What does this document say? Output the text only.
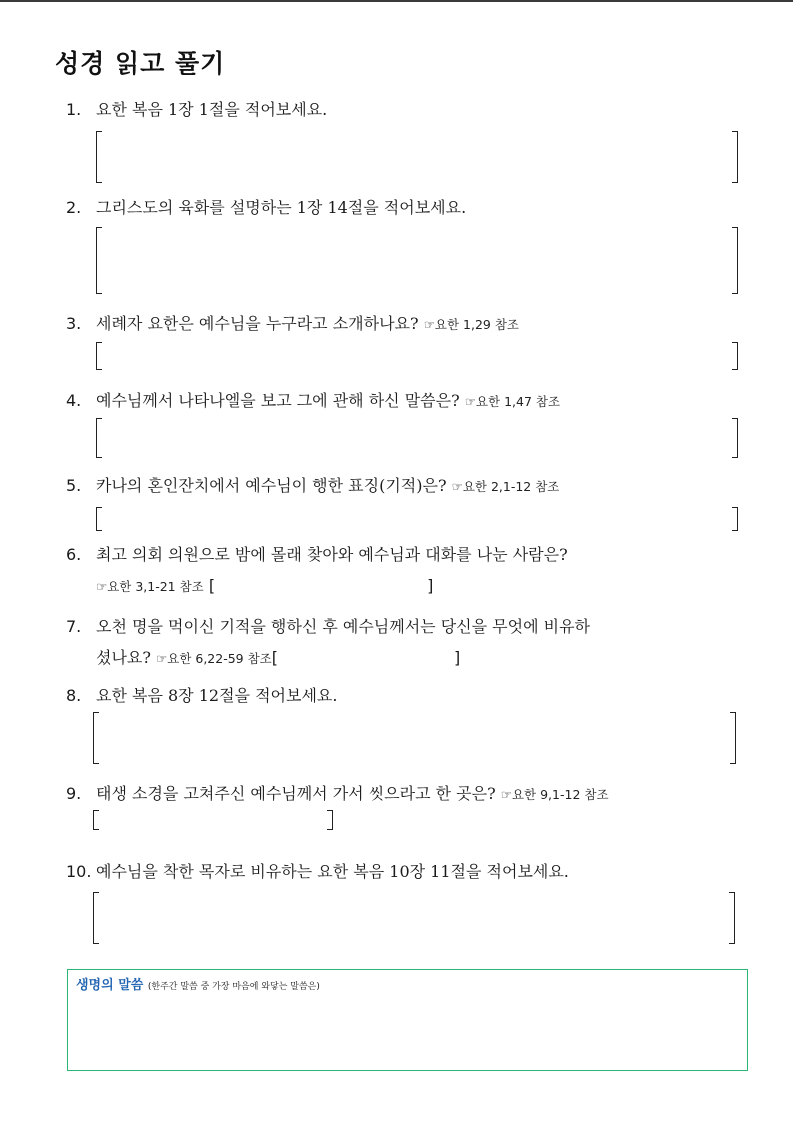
성경 읽고 풀기
1. 요한 복음 1장 1절을 적어보세요.
2. 그리스도의 육화를 설명하는 1장 14절을 적어보세요.
3. 세례자 요한은 예수님을 누구라고 소개하나요? ☞요한 1,29 참조
4. 예수님께서 나타나엘을 보고 그에 관해 하신 말씀은? ☞요한 1,47 참조
5. 카나의 혼인잔치에서 예수님이 행한 표징(기적)은? ☞요한 2,1-12 참조
6. 최고 의회 의원으로 밤에 몰래 찾아와 예수님과 대화를 나눈 사람은?
☞요한 3,1-21 참조 [	]
7. 오천 명을 먹이신 기적을 행하신 후 예수님께서는 당신을 무엇에 비유하
셨나요? ☞요한 6,22-59 참조[	]
8. 요한 복음 8장 12절을 적어보세요.
9. 태생 소경을 고쳐주신 예수님께서 가서 씻으라고 한 곳은? ☞요한 9,1-12 참조
10. 예수님을 착한 목자로 비유하는 요한 복음 10장 11절을 적어보세요.
생명의 말씀 (한주간 말씀 중 가장 마음에 와닿는 말씀은)
